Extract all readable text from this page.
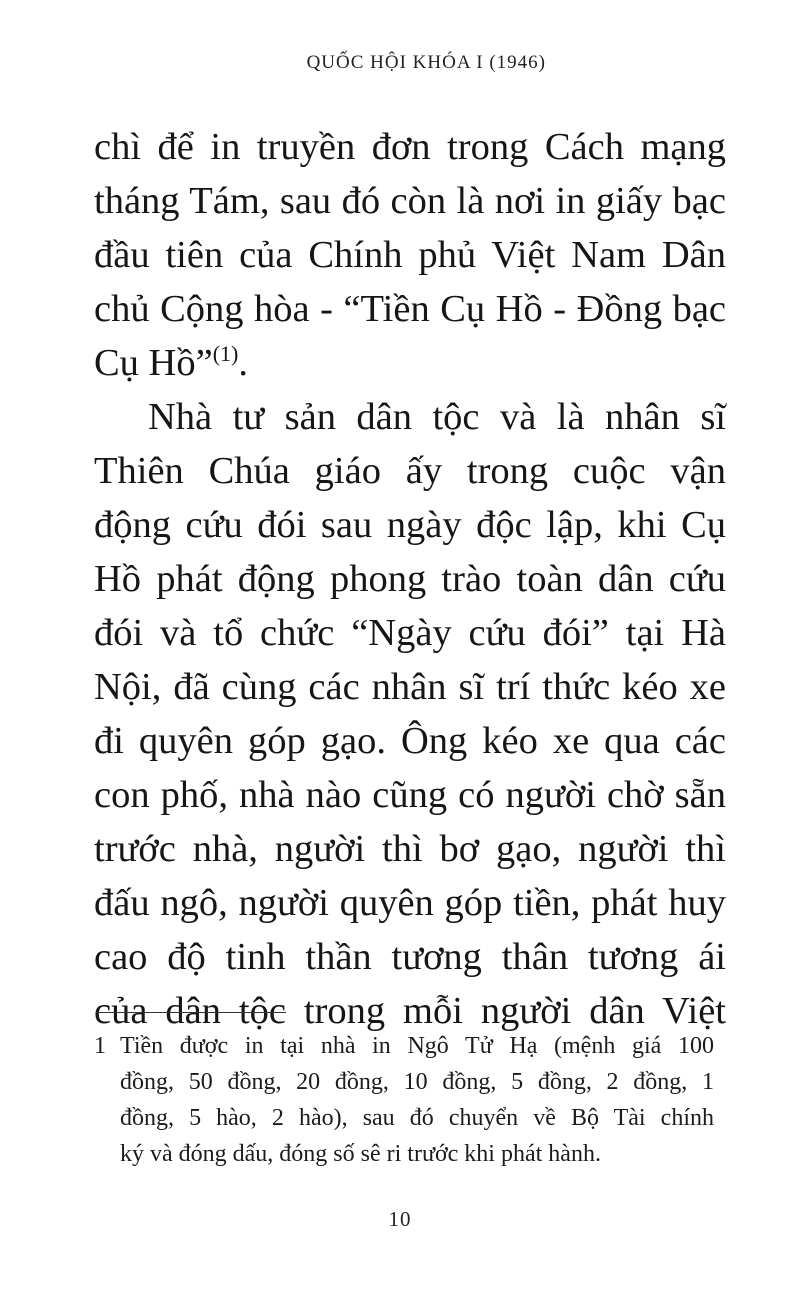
QUỐC HỘI KHÓA I (1946)
chì để in truyền đơn trong Cách mạng
tháng Tám, sau đó còn là nơi in giấy bạc
đầu tiên của Chính phủ Việt Nam Dân
chủ Cộng hòa - “Tiền Cụ Hồ - Đồng bạc
Cụ Hồ”$^{(1)}$.
Nhà tư sản dân tộc và là nhân sĩ
Thiên Chúa giáo ấy trong cuộc vận
động cứu đói sau ngày độc lập, khi Cụ
Hồ phát động phong trào toàn dân cứu
đói và tổ chức “Ngày cứu đói” tại Hà
Nội, đã cùng các nhân sĩ trí thức kéo xe
đi quyên góp gạo. Ông kéo xe qua các
con phố, nhà nào cũng có người chờ sẵn
trước nhà, người thì bơ gạo, người thì
đấu ngô, người quyên góp tiền, phát huy
cao độ tinh thần tương thân tương ái
của dân tộc trong mỗi người dân Việt
1 Tiền được in tại nhà in Ngô Tử Hạ (mệnh giá 100
đồng, 50 đồng, 20 đồng, 10 đồng, 5 đồng, 2 đồng, 1
đồng, 5 hào, 2 hào), sau đó chuyển về Bộ Tài chính
ký và đóng dấu, đóng số sê ri trước khi phát hành.
10
